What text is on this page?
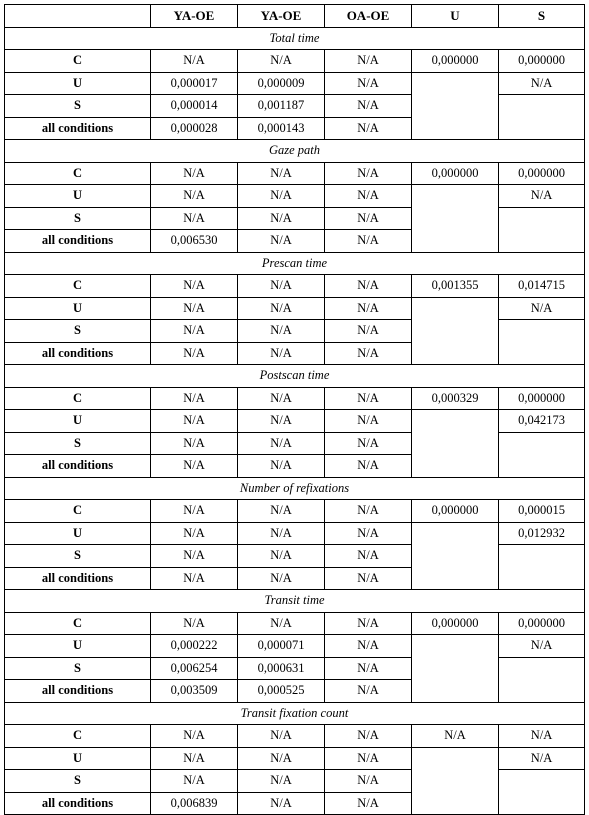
	YA-OE	YA-OE	OA-OE	U	S
Total time					
C	N/A	N/A	N/A	0,000000	0,000000
U	0,000017	0,000009	N/A		N/A
S	0,000014	0,001187	N/A		
all conditions	0,000028	0,000143	N/A		
Gaze path					
C	N/A	N/A	N/A	0,000000	0,000000
U	N/A	N/A	N/A		N/A
S	N/A	N/A	N/A		
all conditions	0,006530	N/A	N/A		
Prescan time					
C	N/A	N/A	N/A	0,001355	0,014715
U	N/A	N/A	N/A		N/A
S	N/A	N/A	N/A		
all conditions	N/A	N/A	N/A		
Postscan time					
C	N/A	N/A	N/A	0,000329	0,000000
U	N/A	N/A	N/A		0,042173
S	N/A	N/A	N/A		
all conditions	N/A	N/A	N/A		
Number of refixations					
C	N/A	N/A	N/A	0,000000	0,000015
U	N/A	N/A	N/A		0,012932
S	N/A	N/A	N/A		
all conditions	N/A	N/A	N/A		
Transit time					
C	N/A	N/A	N/A	0,000000	0,000000
U	0,000222	0,000071	N/A		N/A
S	0,006254	0,000631	N/A		
all conditions	0,003509	0,000525	N/A		
Transit fixation count					
C	N/A	N/A	N/A	N/A	N/A
U	N/A	N/A	N/A		N/A
S	N/A	N/A	N/A		
all conditions	0,006839	N/A	N/A		
